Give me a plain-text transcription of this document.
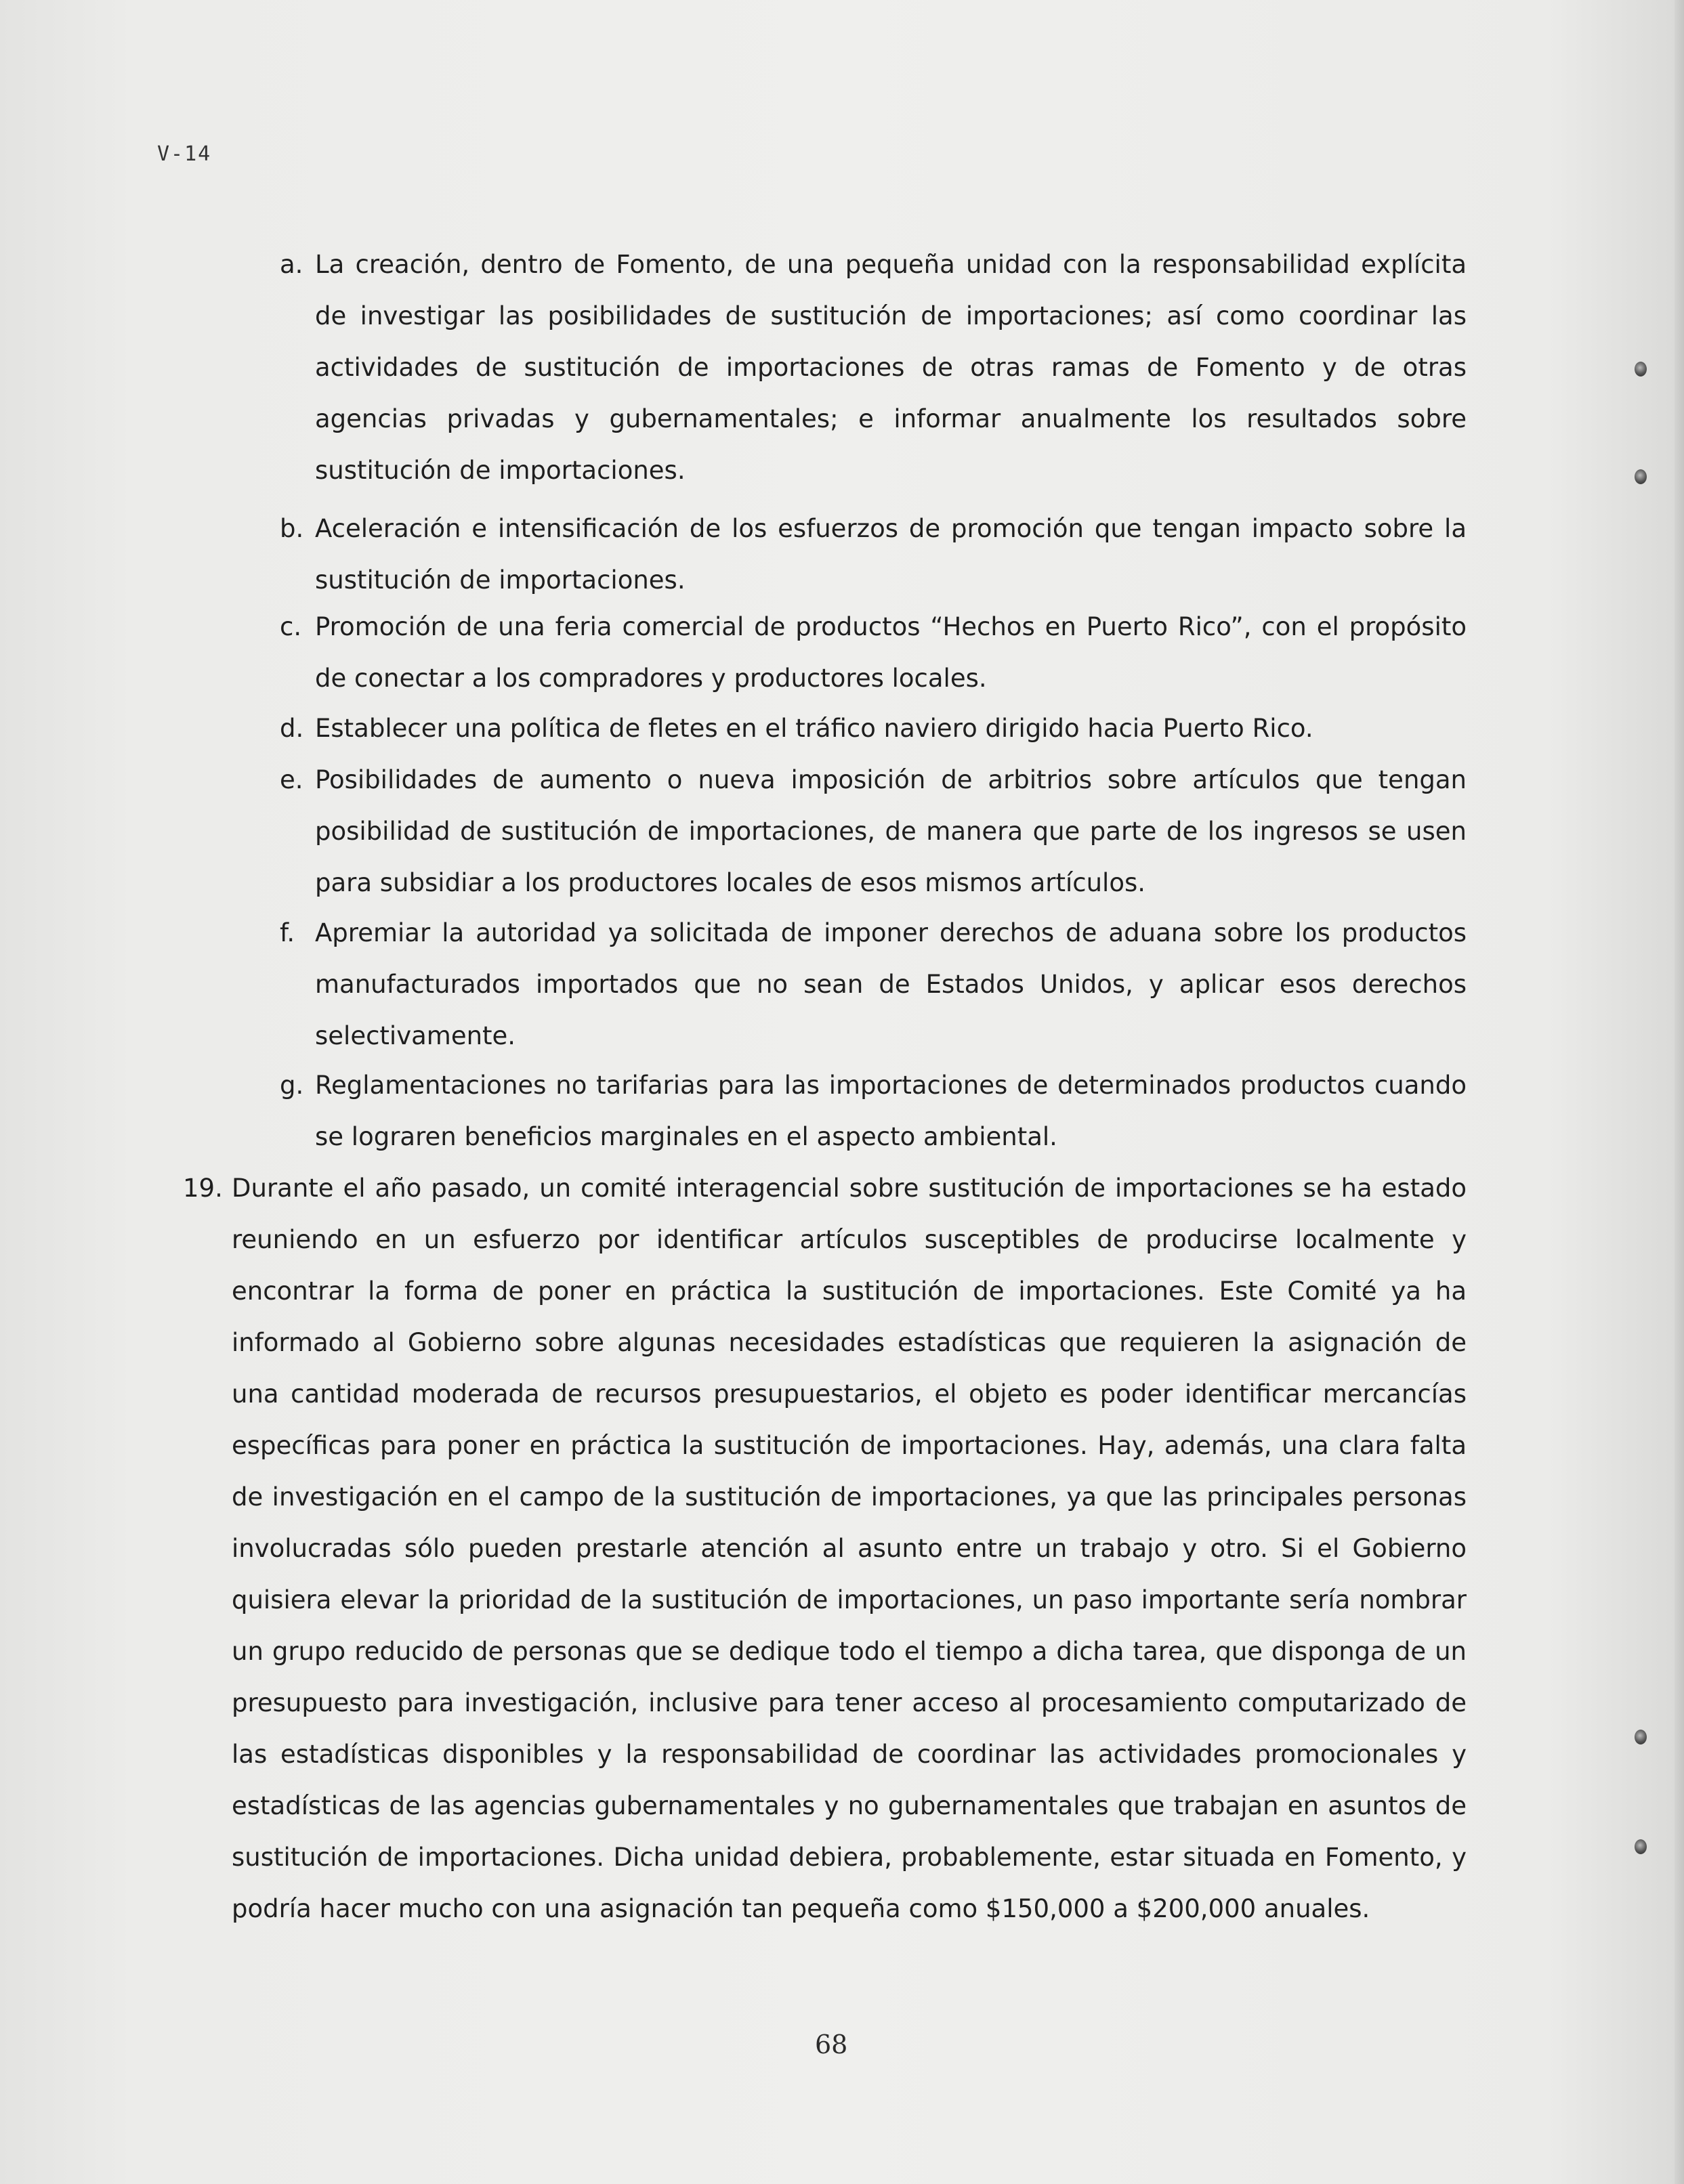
V-14
a. La creación, dentro de Fomento, de una pequeña unidad con la responsabilidad explícita de investigar las posibilidades de sustitución de importaciones; así como coordinar las actividades de sustitución de importaciones de otras ramas de Fomento y de otras agencias privadas y gubernamentales; e informar anualmente los resultados sobre sustitución de importaciones.
b. Aceleración e intensificación de los esfuerzos de promoción que tengan impacto sobre la sustitución de importaciones.
c. Promoción de una feria comercial de productos “Hechos en Puerto Rico”, con el propósito de conectar a los compradores y productores locales.
d. Establecer una política de fletes en el tráfico naviero dirigido hacia Puerto Rico.
e. Posibilidades de aumento o nueva imposición de arbitrios sobre artículos que tengan posibilidad de sustitución de importaciones, de manera que parte de los ingresos se usen para subsidiar a los productores locales de esos mismos artículos.
f. Apremiar la autoridad ya solicitada de imponer derechos de aduana sobre los productos manufacturados importados que no sean de Estados Unidos, y aplicar esos derechos selectivamente.
g. Reglamentaciones no tarifarias para las importaciones de determinados productos cuando se lograren beneficios marginales en el aspecto ambiental.
19. Durante el año pasado, un comité interagencial sobre sustitución de importaciones se ha estado reuniendo en un esfuerzo por identificar artículos susceptibles de producirse localmente y encontrar la forma de poner en práctica la sustitución de importaciones. Este Comité ya ha informado al Gobierno sobre algunas necesidades estadísticas que requieren la asignación de una cantidad moderada de recursos presupuestarios, el objeto es poder identificar mercancías específicas para poner en práctica la sustitución de importaciones. Hay, además, una clara falta de investigación en el campo de la sustitución de importaciones, ya que las principales personas involucradas sólo pueden prestarle atención al asunto entre un trabajo y otro. Si el Gobierno quisiera elevar la prioridad de la sustitución de importaciones, un paso importante sería nombrar un grupo reducido de personas que se dedique todo el tiempo a dicha tarea, que disponga de un presupuesto para investigación, inclusive para tener acceso al procesamiento computarizado de las estadísticas disponibles y la responsabilidad de coordinar las actividades promocionales y estadísticas de las agencias gubernamentales y no gubernamentales que trabajan en asuntos de sustitución de importaciones. Dicha unidad debiera, probablemente, estar situada en Fomento, y podría hacer mucho con una asignación tan pequeña como $150,000 a $200,000 anuales.
68
